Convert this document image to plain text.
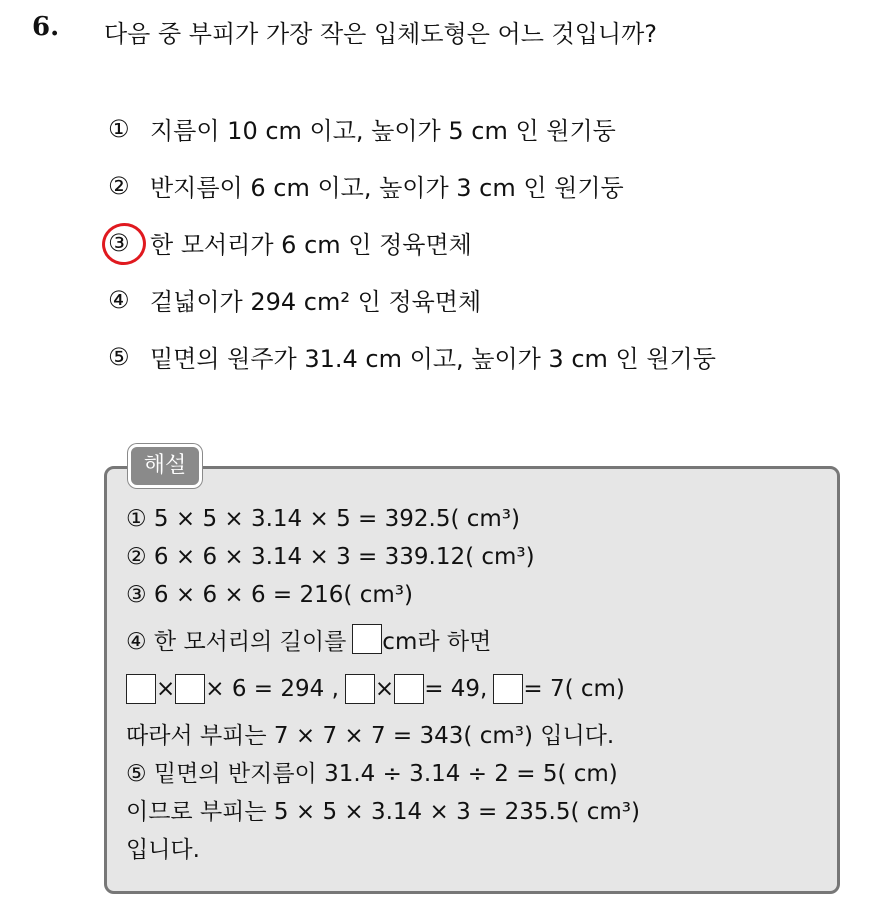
6. 다음 중 부피가 가장 작은 입체도형은 어느 것입니까?
① 지름이 10 cm 이고, 높이가 5 cm 인 원기둥
② 반지름이 6 cm 이고, 높이가 3 cm 인 원기둥
③ 한 모서리가 6 cm 인 정육면체
④ 겉넓이가 294 cm² 인 정육면체
⑤ 밑면의 원주가 31.4 cm 이고, 높이가 3 cm 인 원기둥
해설
① 5 × 5 × 3.14 × 5 = 392.5( cm³)
② 6 × 6 × 3.14 × 3 = 339.12( cm³)
③ 6 × 6 × 6 = 216( cm³)
④ 한 모서리의 길이를 cm라 하면
× × 6 = 294 , × = 49, = 7( cm)
따라서 부피는 7 × 7 × 7 = 343( cm³) 입니다.
⑤ 밑면의 반지름이 31.4 ÷ 3.14 ÷ 2 = 5( cm)
이므로 부피는 5 × 5 × 3.14 × 3 = 235.5( cm³)
입니다.
